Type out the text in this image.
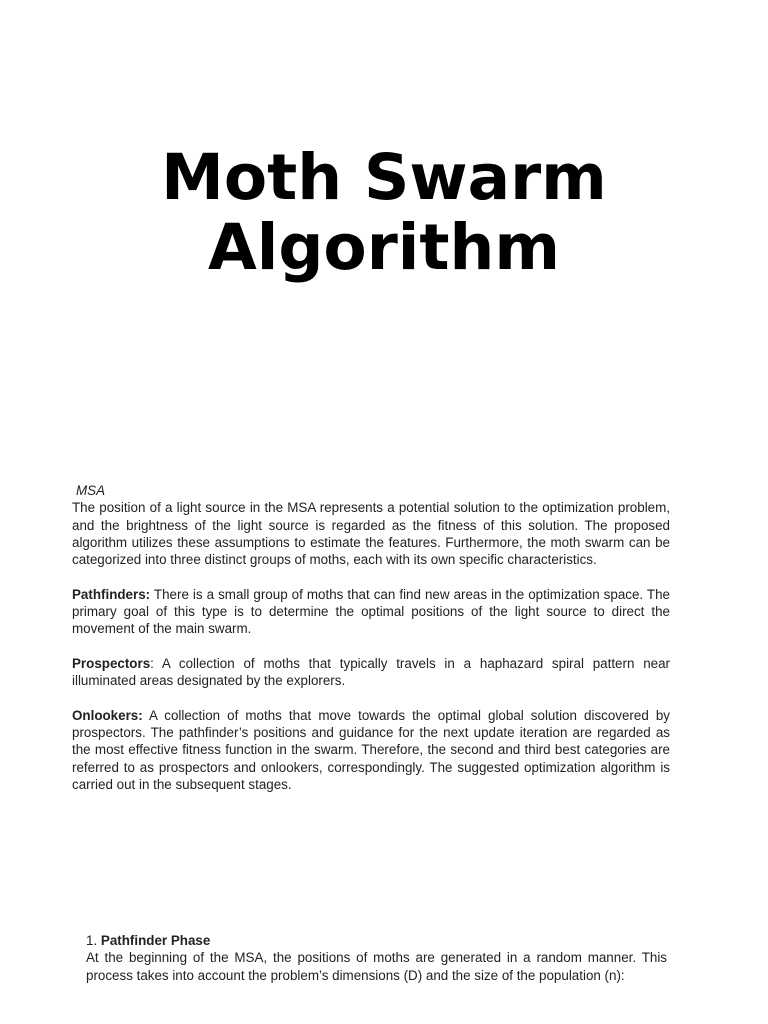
Moth Swarm
Algorithm
MSA

The position of a light source in the MSA represents a potential solution to the optimization problem, and the brightness of the light source is regarded as the fitness of this solution. The proposed algorithm utilizes these assumptions to estimate the features. Furthermore, the moth swarm can be categorized into three distinct groups of moths, each with its own specific characteristics.

Pathfinders: There is a small group of moths that can find new areas in the optimization space. The primary goal of this type is to determine the optimal positions of the light source to direct the movement of the main swarm.

Prospectors: A collection of moths that typically travels in a haphazard spiral pattern near illuminated areas designated by the explorers.

Onlookers: A collection of moths that move towards the optimal global solution discovered by prospectors. The pathfinder’s positions and guidance for the next update iteration are regarded as the most effective fitness function in the swarm. Therefore, the second and third best categories are referred to as prospectors and onlookers, correspondingly. The suggested optimization algorithm is carried out in the subsequent stages.

1. Pathfinder Phase

At the beginning of the MSA, the positions of moths are generated in a random manner. This process takes into account the problem’s dimensions (D) and the size of the population (n):
